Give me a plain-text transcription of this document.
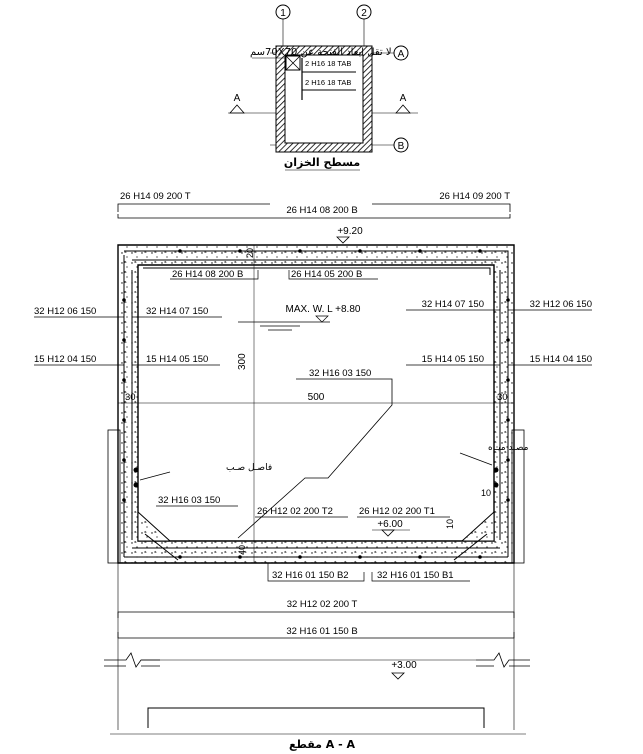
1	2
A
B
2 H16 18 TAB
2 H16 18 TAB
لا تقل ابعاد الفتحة عن 70X70سم
A	A
مسطح الخزان
26 H14 09 200 T	26 H14 09 200 T
26 H14 08 200 B
+9.20
26 H14 08 200 B	26 H14 05 200 B
20
32 H12 06 150	32 H14 07 150
32 H14 07 150	32 H12 06 150
15 H12 04 150	15 H14 05 150	15 H14 05 150	15 H14 04 150
MAX. W. L +8.80
300
32 H16 03 150
30	30
500
فاصـل صـب
مصـد ميـاه
10
10
32 H16 03 150
26 H12 02 200 T2	26 H12 02 200 T1
+6.00
40
32 H16 01 150 B2	32 H16 01 150 B1
32 H12 02 200 T
32 H16 01 150 B
+3.00
مقطع A - A
